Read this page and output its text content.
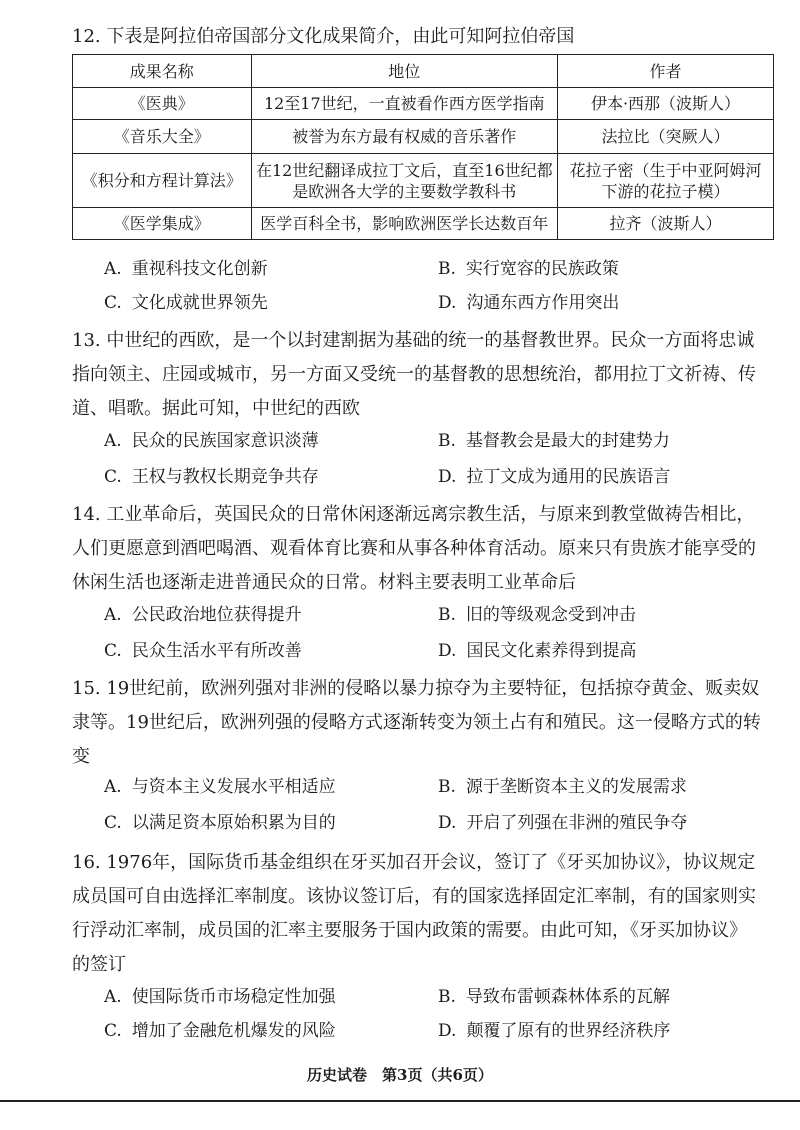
12. 下表是阿拉伯帝国部分文化成果简介，由此可知阿拉伯帝国
成果名称	地位	作者
《医典》	12至17世纪，一直被看作西方医学指南	伊本·西那（波斯人）
《音乐大全》	被誉为东方最有权威的音乐著作	法拉比（突厥人）
《积分和方程计算法》	在12世纪翻译成拉丁文后，直至16世纪都是欧洲各大学的主要数学教科书	花拉子密（生于中亚阿姆河下游的花拉子模）
《医学集成》	医学百科全书，影响欧洲医学长达数百年	拉齐（波斯人）
A. 重视科技文化创新	B. 实行宽容的民族政策
C. 文化成就世界领先	D. 沟通东西方作用突出
13. 中世纪的西欧，是一个以封建割据为基础的统一的基督教世界。民众一方面将忠诚指向领主、庄园或城市，另一方面又受统一的基督教的思想统治，都用拉丁文祈祷、传道、唱歌。据此可知，中世纪的西欧
A. 民众的民族国家意识淡薄	B. 基督教会是最大的封建势力
C. 王权与教权长期竞争共存	D. 拉丁文成为通用的民族语言
14. 工业革命后，英国民众的日常休闲逐渐远离宗教生活，与原来到教堂做祷告相比，人们更愿意到酒吧喝酒、观看体育比赛和从事各种体育活动。原来只有贵族才能享受的休闲生活也逐渐走进普通民众的日常。材料主要表明工业革命后
A. 公民政治地位获得提升	B. 旧的等级观念受到冲击
C. 民众生活水平有所改善	D. 国民文化素养得到提高
15. 19世纪前，欧洲列强对非洲的侵略以暴力掠夺为主要特征，包括掠夺黄金、贩卖奴隶等。19世纪后，欧洲列强的侵略方式逐渐转变为领土占有和殖民。这一侵略方式的转变
A. 与资本主义发展水平相适应	B. 源于垄断资本主义的发展需求
C. 以满足资本原始积累为目的	D. 开启了列强在非洲的殖民争夺
16. 1976年，国际货币基金组织在牙买加召开会议，签订了《牙买加协议》，协议规定成员国可自由选择汇率制度。该协议签订后，有的国家选择固定汇率制，有的国家则实行浮动汇率制，成员国的汇率主要服务于国内政策的需要。由此可知，《牙买加协议》的签订
A. 使国际货币市场稳定性加强	B. 导致布雷顿森林体系的瓦解
C. 增加了金融危机爆发的风险	D. 颠覆了原有的世界经济秩序
历史试卷　第3页（共6页）
